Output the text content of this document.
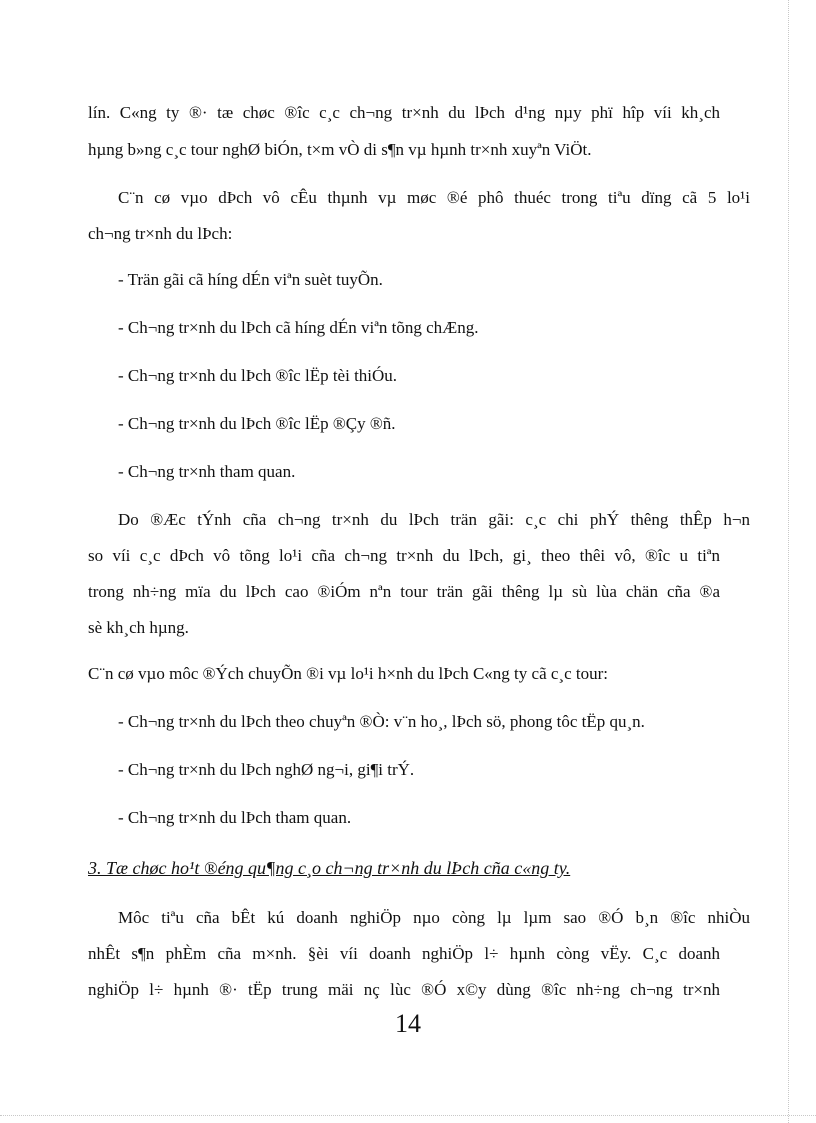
lín. C«ng ty ®· tæ chøc ®îc c¸c ch¬ng tr×nh du lÞch d¹ng nµy phï hîp víi kh¸ch

hµng b»ng c¸c tour nghØ biÓn, t×m vÒ di s¶n vµ hµnh tr×nh xuyªn ViÖt.

C¨n cø vµo dÞch vô cÊu thµnh vµ møc ®é phô thuéc trong tiªu dïng cã 5 lo¹i

ch¬ng tr×nh du lÞch:

- Trän gãi cã híng dÉn viªn suèt tuyÕn.

- Ch¬ng tr×nh du lÞch cã híng dÉn viªn tõng chÆng.

- Ch¬ng tr×nh du lÞch ®îc lËp tèi thiÓu.

- Ch¬ng tr×nh du lÞch ®îc lËp ®Çy ®ñ.

- Ch¬ng tr×nh tham quan.

Do ®Æc tÝnh cña ch¬ng tr×nh du lÞch trän gãi: c¸c chi phÝ thêng thÊp h¬n

so víi c¸c dÞch vô tõng lo¹i cña ch¬ng tr×nh du lÞch, gi¸ theo thêi vô, ®îc u tiªn

trong nh÷ng mïa du lÞch cao ®iÓm nªn tour trän gãi thêng lµ sù lùa chän cña ®a

sè kh¸ch hµng.

C¨n cø vµo môc ®Ých chuyÕn ®i vµ lo¹i h×nh du lÞch C«ng ty cã c¸c tour:

- Ch¬ng tr×nh du lÞch theo chuyªn ®Ò: v¨n ho¸, lÞch sö, phong tôc tËp qu¸n.

- Ch¬ng tr×nh du lÞch nghØ ng¬i, gi¶i trÝ.

- Ch¬ng tr×nh du lÞch tham quan.

3. Tæ chøc ho¹t ®éng qu¶ng c¸o ch¬ng tr×nh du lÞch cña c«ng ty.

Môc tiªu cña bÊt kú doanh nghiÖp nµo còng lµ lµm sao ®Ó b¸n ®îc nhiÒu

nhÊt s¶n phÈm cña m×nh. §èi víi doanh nghiÖp l÷ hµnh còng vËy. C¸c doanh

nghiÖp l÷ hµnh ®· tËp trung mäi nç lùc ®Ó x©y dùng ®îc nh÷ng ch¬ng tr×nh

14
